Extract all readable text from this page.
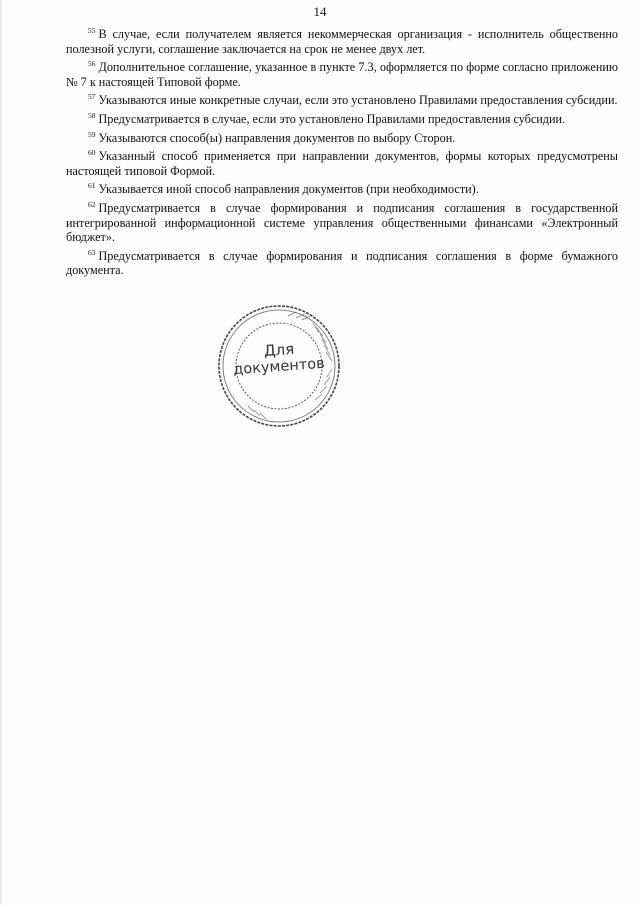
14

$^{55}$ В случае, если получателем является некоммерческая организация - исполнитель общественно полезной услуги, соглашение заключается на срок не менее двух лет.

$^{56}$ Дополнительное соглашение, указанное в пункте 7.3, оформляется по форме согласно приложению № 7 к настоящей Типовой форме.

$^{57}$ Указываются иные конкретные случаи, если это установлено Правилами предоставления субсидии.

$^{58}$ Предусматривается в случае, если это установлено Правилами предоставления субсидии.

$^{59}$ Указываются способ(ы) направления документов по выбору Сторон.

$^{60}$ Указанный способ применяется при направлении документов, формы которых предусмотрены настоящей типовой Формой.

$^{61}$ Указывается иной способ направления документов (при необходимости).

$^{62}$ Предусматривается в случае формирования и подписания соглашения в государственной интегрированной информационной системе управления общественными финансами «Электронный бюджет».

$^{63}$ Предусматривается в случае формирования и подписания соглашения в форме бумажного документа.

Для
документов
